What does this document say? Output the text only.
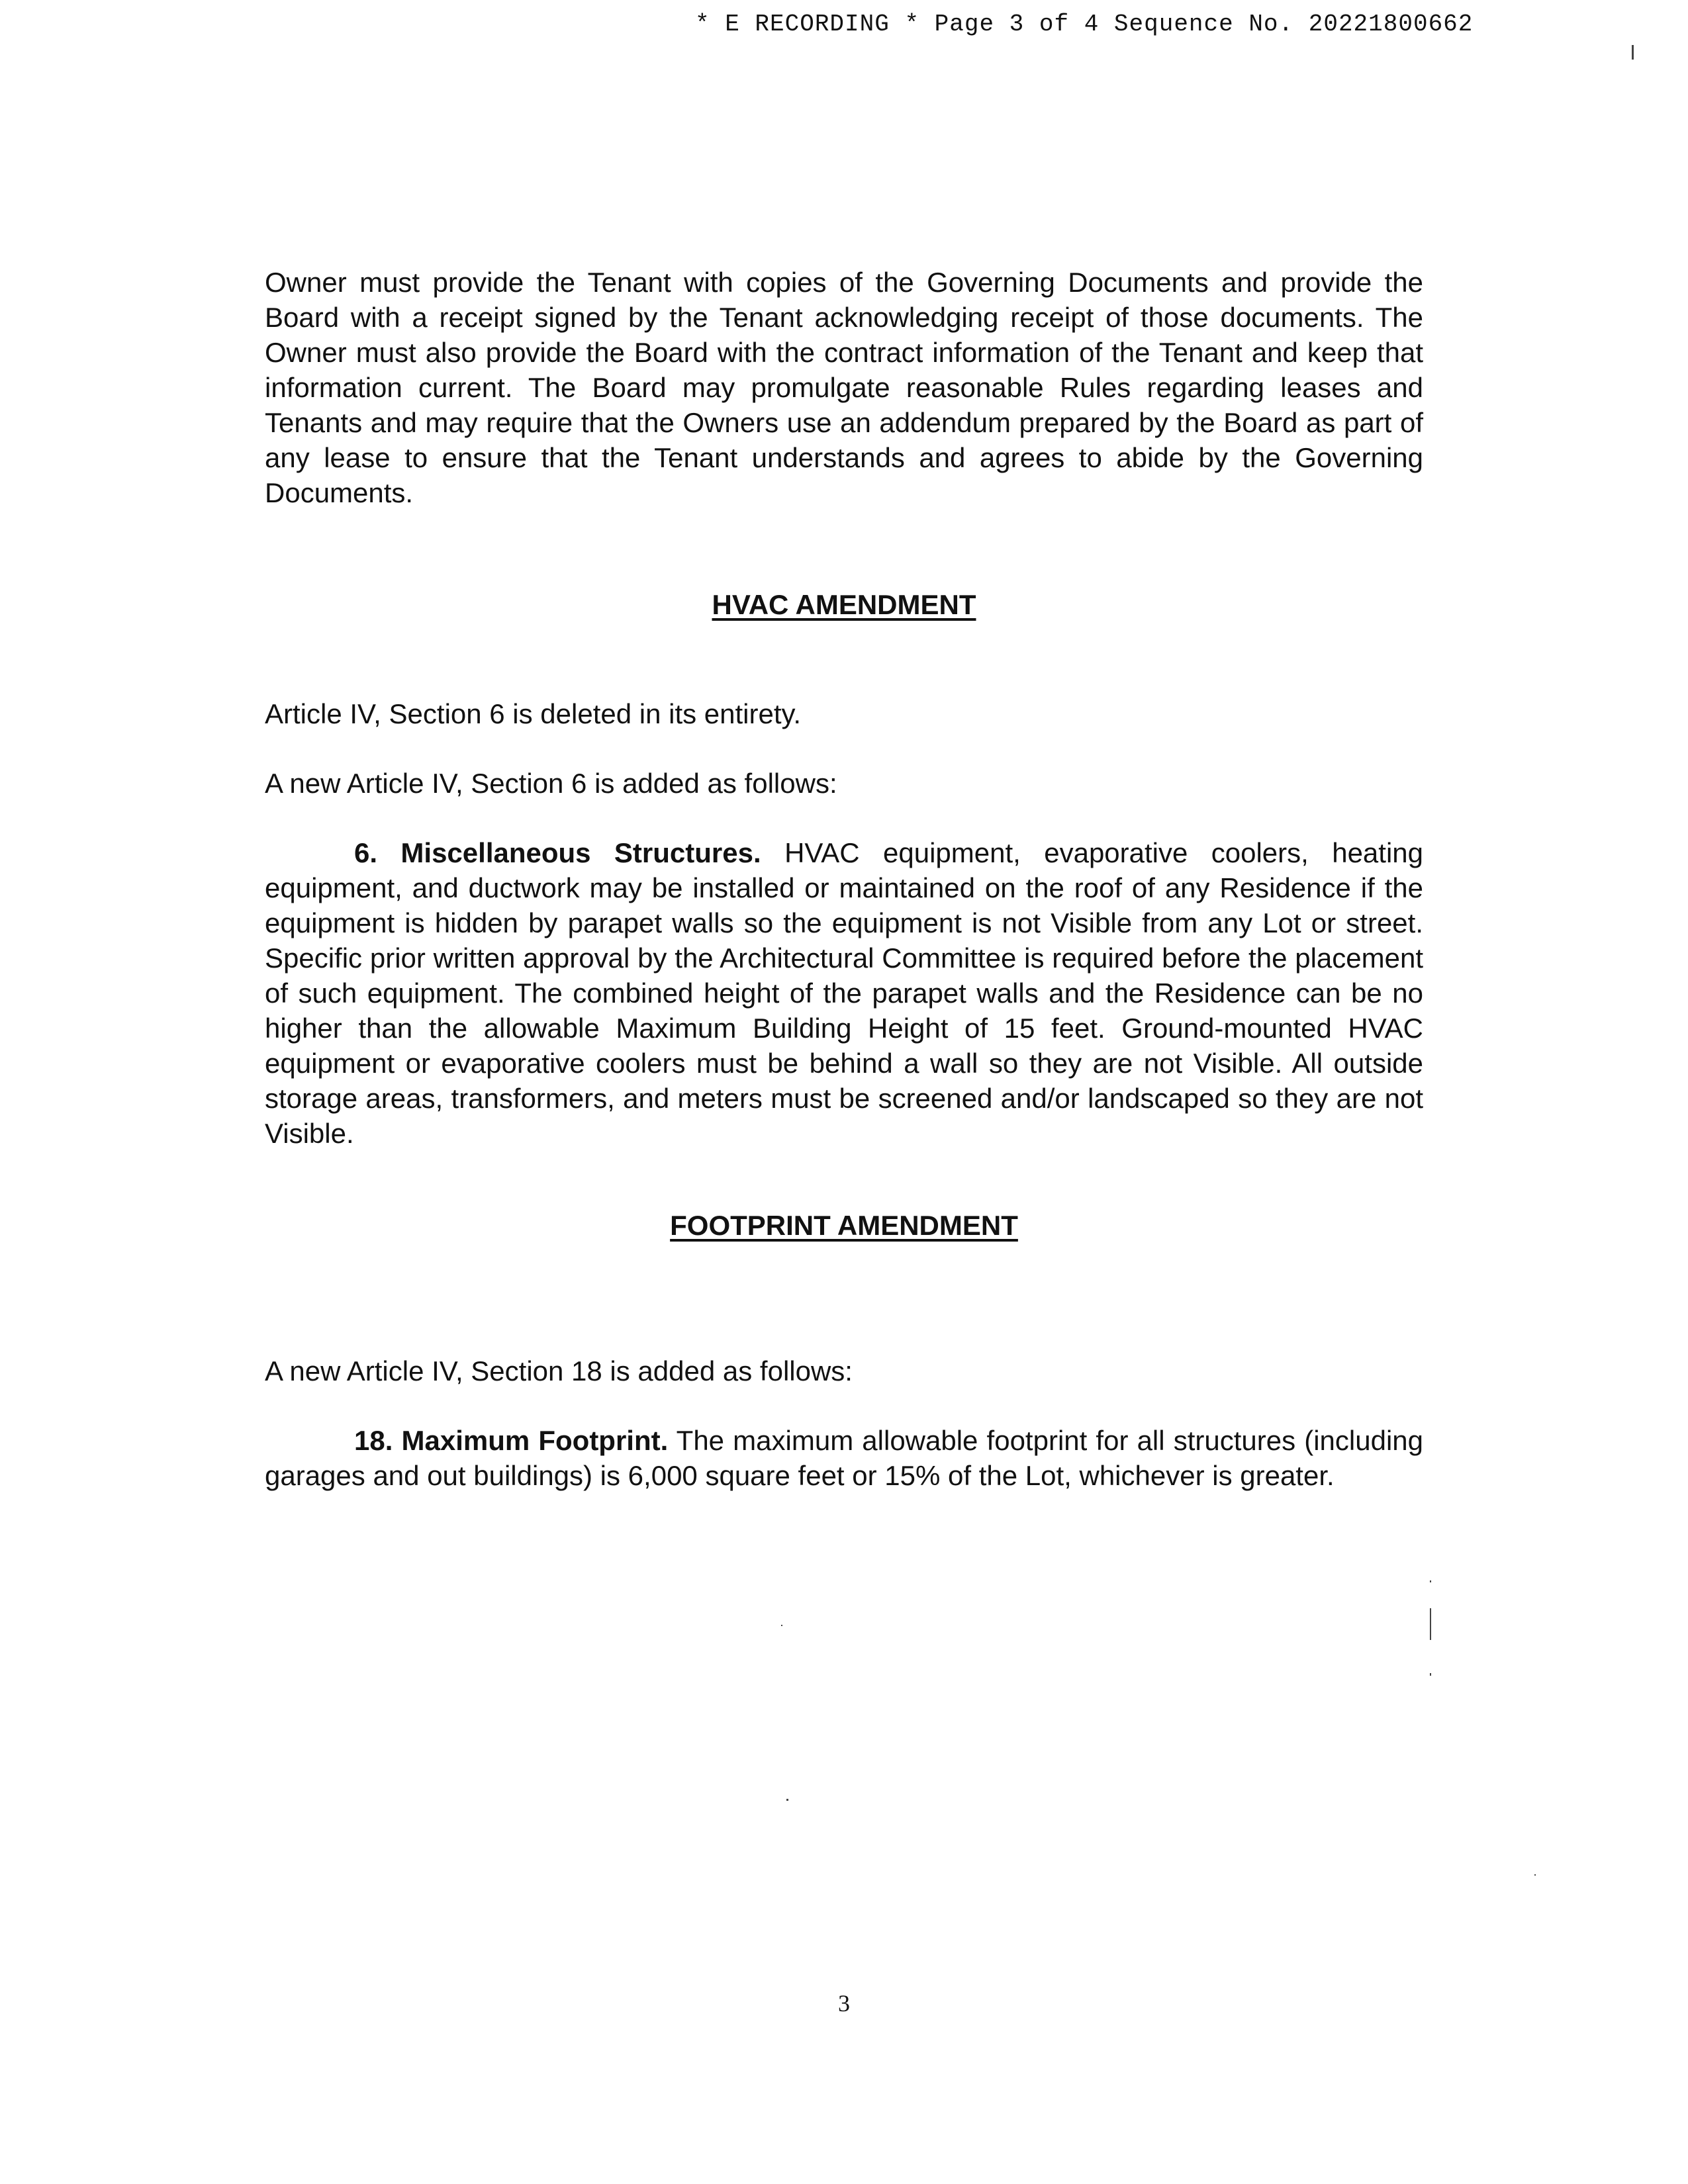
* E RECORDING * Page 3 of 4 Sequence No. 20221800662

Owner must provide the Tenant with copies of the Governing Documents and provide the Board with a receipt signed by the Tenant acknowledging receipt of those documents. The Owner must also provide the Board with the contract information of the Tenant and keep that information current. The Board may promulgate reasonable Rules regarding leases and Tenants and may require that the Owners use an addendum prepared by the Board as part of any lease to ensure that the Tenant understands and agrees to abide by the Governing Documents.

HVAC AMENDMENT

Article IV, Section 6 is deleted in its entirety.

A new Article IV, Section 6 is added as follows:

6. Miscellaneous Structures. HVAC equipment, evaporative coolers, heating equipment, and ductwork may be installed or maintained on the roof of any Residence if the equipment is hidden by parapet walls so the equipment is not Visible from any Lot or street. Specific prior written approval by the Architectural Committee is required before the placement of such equipment. The combined height of the parapet walls and the Residence can be no higher than the allowable Maximum Building Height of 15 feet. Ground-mounted HVAC equipment or evaporative coolers must be behind a wall so they are not Visible. All outside storage areas, transformers, and meters must be screened and/or landscaped so they are not Visible.

FOOTPRINT AMENDMENT

A new Article IV, Section 18 is added as follows:

18. Maximum Footprint. The maximum allowable footprint for all structures (including garages and out buildings) is 6,000 square feet or 15% of the Lot, whichever is greater.

3
